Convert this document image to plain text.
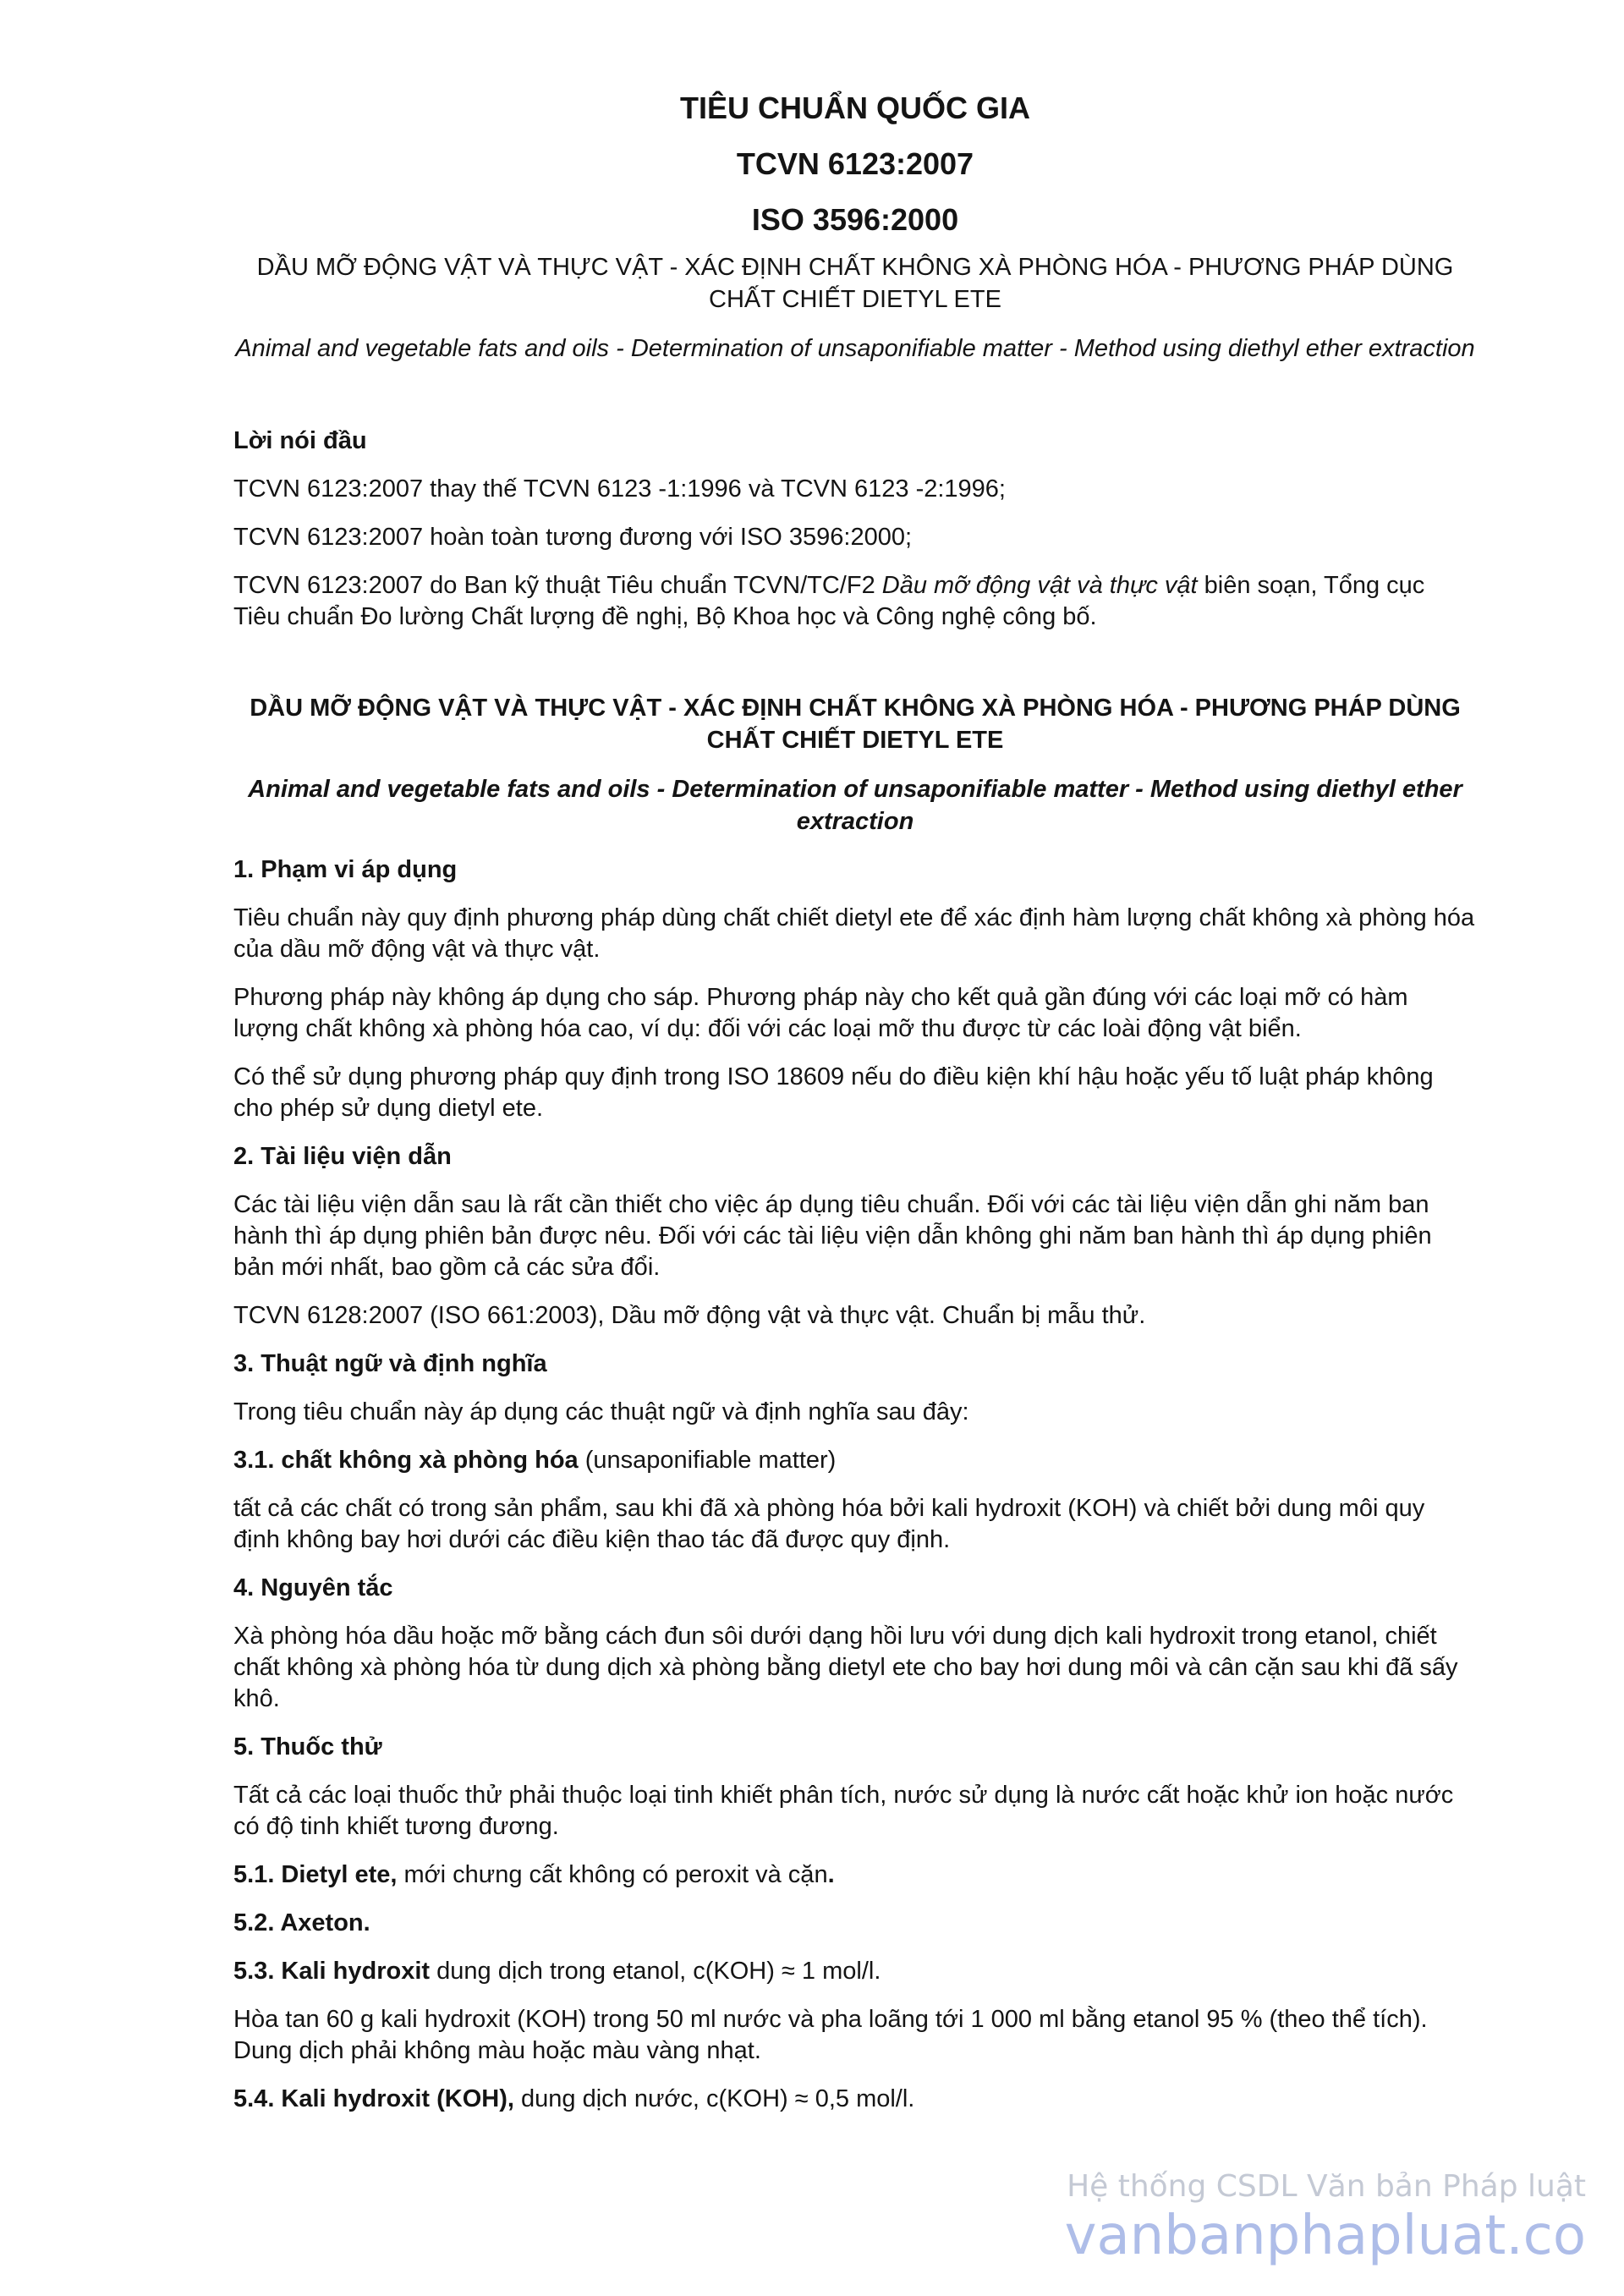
TIÊU CHUẨN QUỐC GIA
TCVN 6123:2007
ISO 3596:2000
DẦU MỠ ĐỘNG VẬT VÀ THỰC VẬT - XÁC ĐỊNH CHẤT KHÔNG XÀ PHÒNG HÓA - PHƯƠNG PHÁP DÙNG CHẤT CHIẾT DIETYL ETE
Animal and vegetable fats and oils - Determination of unsaponifiable matter - Method using diethyl ether extraction
Lời nói đầu

TCVN 6123:2007 thay thế TCVN 6123 -1:1996 và TCVN 6123 -2:1996;

TCVN 6123:2007 hoàn toàn tương đương với ISO 3596:2000;

TCVN 6123:2007 do Ban kỹ thuật Tiêu chuẩn TCVN/TC/F2 Dầu mỡ động vật và thực vật biên soạn, Tổng cục Tiêu chuẩn Đo lường Chất lượng đề nghị, Bộ Khoa học và Công nghệ công bố.

DẦU MỠ ĐỘNG VẬT VÀ THỰC VẬT - XÁC ĐỊNH CHẤT KHÔNG XÀ PHÒNG HÓA - PHƯƠNG PHÁP DÙNG CHẤT CHIẾT DIETYL ETE
Animal and vegetable fats and oils - Determination of unsaponifiable matter - Method using diethyl ether extraction
1. Phạm vi áp dụng

Tiêu chuẩn này quy định phương pháp dùng chất chiết dietyl ete để xác định hàm lượng chất không xà phòng hóa của dầu mỡ động vật và thực vật.

Phương pháp này không áp dụng cho sáp. Phương pháp này cho kết quả gần đúng với các loại mỡ có hàm lượng chất không xà phòng hóa cao, ví dụ: đối với các loại mỡ thu được từ các loài động vật biển.

Có thể sử dụng phương pháp quy định trong ISO 18609 nếu do điều kiện khí hậu hoặc yếu tố luật pháp không cho phép sử dụng dietyl ete.

2. Tài liệu viện dẫn

Các tài liệu viện dẫn sau là rất cần thiết cho việc áp dụng tiêu chuẩn. Đối với các tài liệu viện dẫn ghi năm ban hành thì áp dụng phiên bản được nêu. Đối với các tài liệu viện dẫn không ghi năm ban hành thì áp dụng phiên bản mới nhất, bao gồm cả các sửa đổi.

TCVN 6128:2007 (ISO 661:2003), Dầu mỡ động vật và thực vật. Chuẩn bị mẫu thử.

3. Thuật ngữ và định nghĩa

Trong tiêu chuẩn này áp dụng các thuật ngữ và định nghĩa sau đây:

3.1. chất không xà phòng hóa (unsaponifiable matter)

tất cả các chất có trong sản phẩm, sau khi đã xà phòng hóa bởi kali hydroxit (KOH) và chiết bởi dung môi quy định không bay hơi dưới các điều kiện thao tác đã được quy định.

4. Nguyên tắc

Xà phòng hóa dầu hoặc mỡ bằng cách đun sôi dưới dạng hồi lưu với dung dịch kali hydroxit trong etanol, chiết chất không xà phòng hóa từ dung dịch xà phòng bằng dietyl ete cho bay hơi dung môi và cân cặn sau khi đã sấy khô.

5. Thuốc thử

Tất cả các loại thuốc thử phải thuộc loại tinh khiết phân tích, nước sử dụng là nước cất hoặc khử ion hoặc nước có độ tinh khiết tương đương.

5.1. Dietyl ete, mới chưng cất không có peroxit và cặn.

5.2. Axeton.

5.3. Kali hydroxit dung dịch trong etanol, c(KOH) ≈ 1 mol/l.

Hòa tan 60 g kali hydroxit (KOH) trong 50 ml nước và pha loãng tới 1 000 ml bằng etanol 95 % (theo thể tích). Dung dịch phải không màu hoặc màu vàng nhạt.

5.4. Kali hydroxit (KOH), dung dịch nước, c(KOH) ≈ 0,5 mol/l.

Hệ thống CSDL Văn bản Pháp luật
vanbanphapluat.co
